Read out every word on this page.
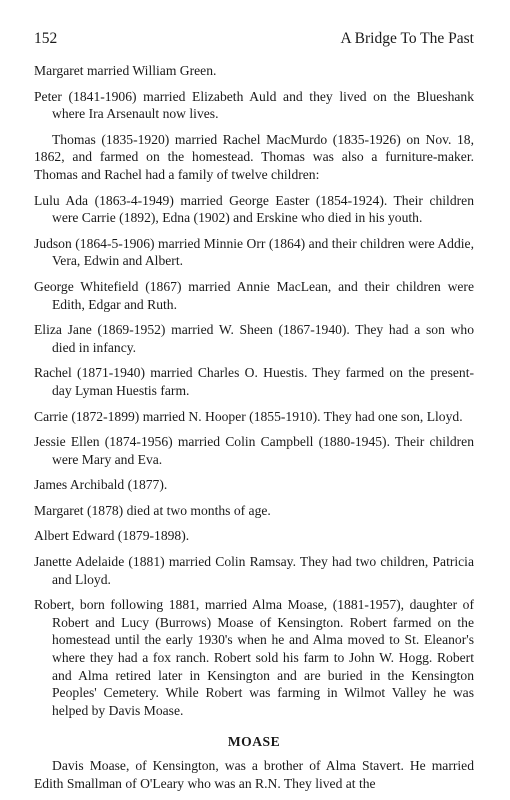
152	A Bridge To The Past

Margaret married William Green.

Peter (1841-1906) married Elizabeth Auld and they lived on the Blueshank where Ira Arsenault now lives.

Thomas (1835-1920) married Rachel MacMurdo (1835-1926) on Nov. 18, 1862, and farmed on the homestead. Thomas was also a furniture-maker. Thomas and Rachel had a family of twelve children:

Lulu Ada (1863-4-1949) married George Easter (1854-1924). Their children were Carrie (1892), Edna (1902) and Erskine who died in his youth.

Judson (1864-5-1906) married Minnie Orr (1864) and their children were Addie, Vera, Edwin and Albert.

George Whitefield (1867) married Annie MacLean, and their children were Edith, Edgar and Ruth.

Eliza Jane (1869-1952) married W. Sheen (1867-1940). They had a son who died in infancy.

Rachel (1871-1940) married Charles O. Huestis. They farmed on the present-day Lyman Huestis farm.

Carrie (1872-1899) married N. Hooper (1855-1910). They had one son, Lloyd.

Jessie Ellen (1874-1956) married Colin Campbell (1880-1945). Their children were Mary and Eva.

James Archibald (1877).

Margaret (1878) died at two months of age.

Albert Edward (1879-1898).

Janette Adelaide (1881) married Colin Ramsay. They had two children, Patricia and Lloyd.

Robert, born following 1881, married Alma Moase, (1881-1957), daughter of Robert and Lucy (Burrows) Moase of Kensington. Robert farmed on the homestead until the early 1930's when he and Alma moved to St. Eleanor's where they had a fox ranch. Robert sold his farm to John W. Hogg. Robert and Alma retired later in Kensington and are buried in the Kensington Peoples' Cemetery. While Robert was farming in Wilmot Valley he was helped by Davis Moase.

MOASE

Davis Moase, of Kensington, was a brother of Alma Stavert. He married Edith Smallman of O'Leary who was an R.N. They lived at the
